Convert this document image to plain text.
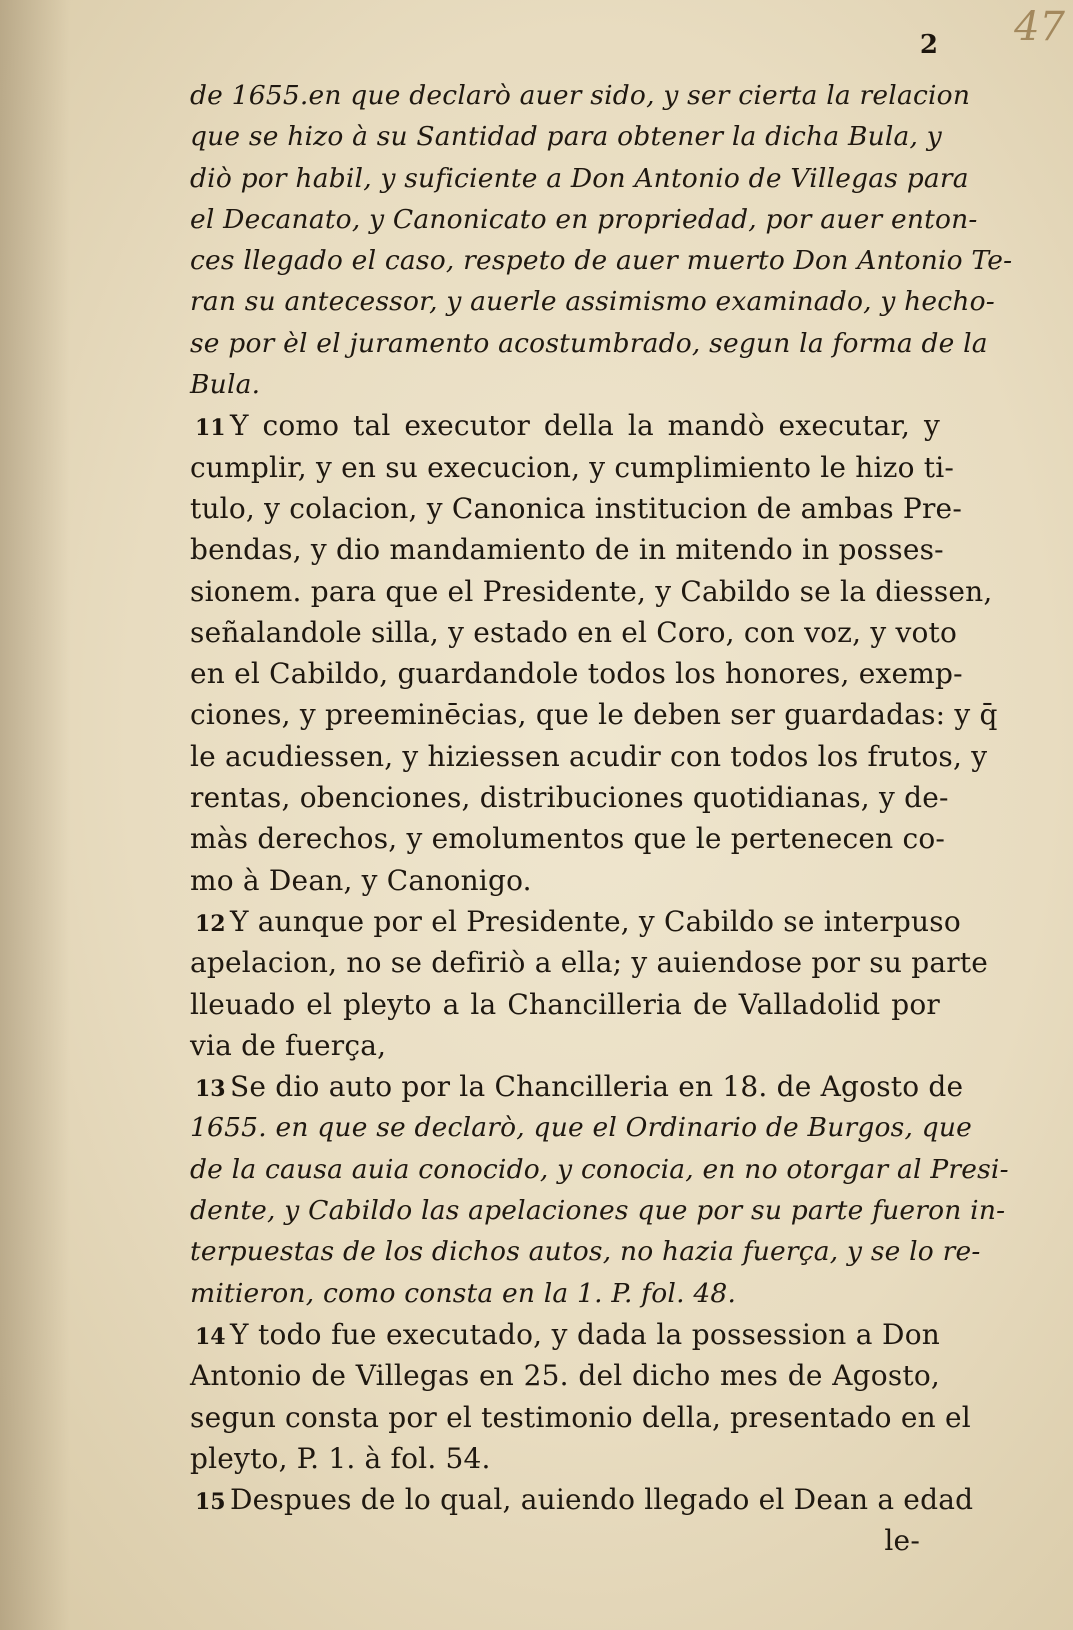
47
2
de 1655.en que declarò auer sido, y ser cierta la relacion
que se hizo à su Santidad para obtener la dicha Bula, y
diò por habil, y suficiente a Don Antonio de Villegas para
el Decanato, y Canonicato en propriedad, por auer enton-
ces llegado el caso, respeto de auer muerto Don Antonio Te-
ran su antecessor, y auerle assimismo examinado, y hecho-
se por èl el juramento acostumbrado, segun la forma de la
Bula.
Y como tal executor della la mandò executar, y
cumplir, y en su execucion, y cumplimiento le hizo ti-
tulo, y colacion, y Canonica institucion de ambas Pre-
bendas, y dio mandamiento de in mitendo in posses-
sionem. para que el Presidente, y Cabildo se la diessen,
señalandole silla, y estado en el Coro, con voz, y voto
en el Cabildo, guardandole todos los honores, exemp-
ciones, y preeminēcias, que le deben ser guardadas: y q̄
le acudiessen, y hiziessen acudir con todos los frutos, y
rentas, obenciones, distribuciones quotidianas, y de-
màs derechos, y emolumentos que le pertenecen co-
mo à Dean, y Canonigo.
Y aunque por el Presidente, y Cabildo se interpuso
apelacion, no se defiriò a ella; y auiendose por su parte
lleuado el pleyto a la Chancilleria de Valladolid por
via de fuerça,
Se dio auto por la Chancilleria en 18. de Agosto de
1655. en que se declarò, que el Ordinario de Burgos, que
de la causa auia conocido, y conocia, en no otorgar al Presi-
dente, y Cabildo las apelaciones que por su parte fueron in-
terpuestas de los dichos autos, no hazia fuerça, y se lo re-
mitieron, como consta en la 1. P. fol. 48.
Y todo fue executado, y dada la possession a Don
Antonio de Villegas en 25. del dicho mes de Agosto,
segun consta por el testimonio della, presentado en el
pleyto, P. 1. à fol. 54.
Despues de lo qual, auiendo llegado el Dean a edad
le-
11
12
13
14
15
